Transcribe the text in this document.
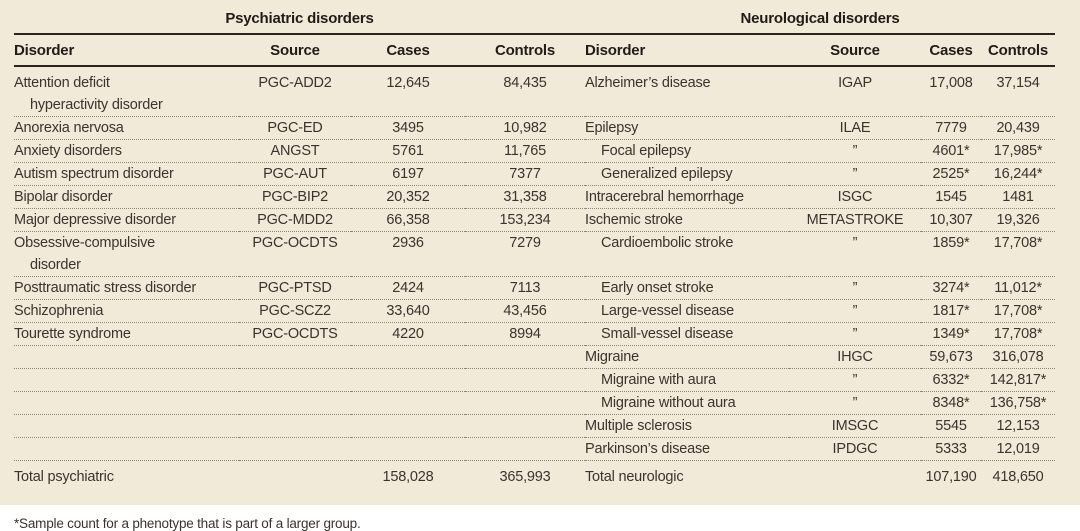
Psychiatric disorders				Neurological disorders			
Disorder	Source	Cases	Controls	Disorder	Source	Cases	Controls

Attention deficit
hyperactivity disorder	PGC-ADD2	12,645	84,435	Alzheimer’s disease	IGAP	17,008	37,154

Anorexia nervosa	PGC-ED	3495	10,982	Epilepsy	ILAE	7779	20,439

Anxiety disorders	ANGST	5761	11,765	Focal epilepsy	”	4601*	17,985*

Autism spectrum disorder	PGC-AUT	6197	7377	Generalized epilepsy	”	2525*	16,244*

Bipolar disorder	PGC-BIP2	20,352	31,358	Intracerebral hemorrhage	ISGC	1545	1481

Major depressive disorder	PGC-MDD2	66,358	153,234	Ischemic stroke	METASTROKE	10,307	19,326

Obsessive-compulsive
disorder	PGC-OCDTS	2936	7279	Cardioembolic stroke	”	1859*	17,708*

Posttraumatic stress disorder	PGC-PTSD	2424	7113	Early onset stroke	”	3274*	11,012*

Schizophrenia	PGC-SCZ2	33,640	43,456	Large-vessel disease	”	1817*	17,708*

Tourette syndrome	PGC-OCDTS	4220	8994	Small-vessel disease	”	1349*	17,708*

				Migraine	IHGC	59,673	316,078

				Migraine with aura	”	6332*	142,817*

				Migraine without aura	”	8348*	136,758*

				Multiple sclerosis	IMSGC	5545	12,153

				Parkinson’s disease	IPDGC	5333	12,019
Total psychiatric		158,028	365,993	Total neurologic		107,190	418,650
*Sample count for a phenotype that is part of a larger group.
